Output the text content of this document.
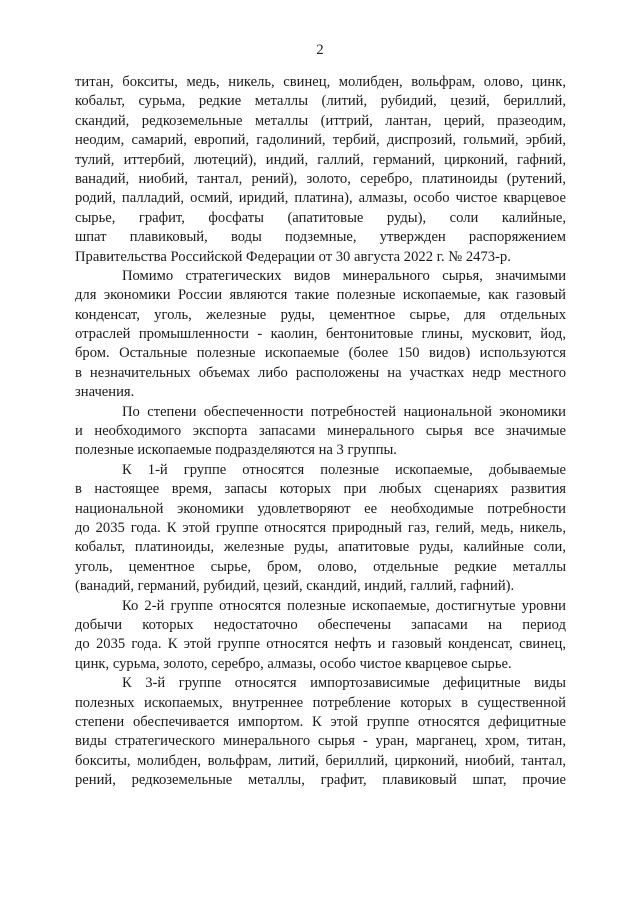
2
титан, бокситы, медь, никель, свинец, молибден, вольфрам, олово, цинк,
кобальт, сурьма, редкие металлы (литий, рубидий, цезий, бериллий,
скандий, редкоземельные металлы (иттрий, лантан, церий, празеодим,
неодим, самарий, европий, гадолиний, тербий, диспрозий, гольмий, эрбий,
тулий, иттербий, лютеций), индий, галлий, германий, цирконий, гафний,
ванадий, ниобий, тантал, рений), золото, серебро, платиноиды (рутений,
родий, палладий, осмий, иридий, платина), алмазы, особо чистое кварцевое
сырье, графит, фосфаты (апатитовые руды), соли калийные,
шпат плавиковый, воды подземные, утвержден распоряжением
Правительства Российской Федерации от 30 августа 2022 г. № 2473-р.
Помимо стратегических видов минерального сырья, значимыми
для экономики России являются такие полезные ископаемые, как газовый
конденсат, уголь, железные руды, цементное сырье, для отдельных
отраслей промышленности - каолин, бентонитовые глины, мусковит, йод,
бром. Остальные полезные ископаемые (более 150 видов) используются
в незначительных объемах либо расположены на участках недр местного
значения.
По степени обеспеченности потребностей национальной экономики
и необходимого экспорта запасами минерального сырья все значимые
полезные ископаемые подразделяются на 3 группы.
К 1-й группе относятся полезные ископаемые, добываемые
в настоящее время, запасы которых при любых сценариях развития
национальной экономики удовлетворяют ее необходимые потребности
до 2035 года. К этой группе относятся природный газ, гелий, медь, никель,
кобальт, платиноиды, железные руды, апатитовые руды, калийные соли,
уголь, цементное сырье, бром, олово, отдельные редкие металлы
(ванадий, германий, рубидий, цезий, скандий, индий, галлий, гафний).
Ко 2-й группе относятся полезные ископаемые, достигнутые уровни
добычи которых недостаточно обеспечены запасами на период
до 2035 года. К этой группе относятся нефть и газовый конденсат, свинец,
цинк, сурьма, золото, серебро, алмазы, особо чистое кварцевое сырье.
К 3-й группе относятся импортозависимые дефицитные виды
полезных ископаемых, внутреннее потребление которых в существенной
степени обеспечивается импортом. К этой группе относятся дефицитные
виды стратегического минерального сырья - уран, марганец, хром, титан,
бокситы, молибден, вольфрам, литий, бериллий, цирконий, ниобий, тантал,
рений, редкоземельные металлы, графит, плавиковый шпат, прочие
